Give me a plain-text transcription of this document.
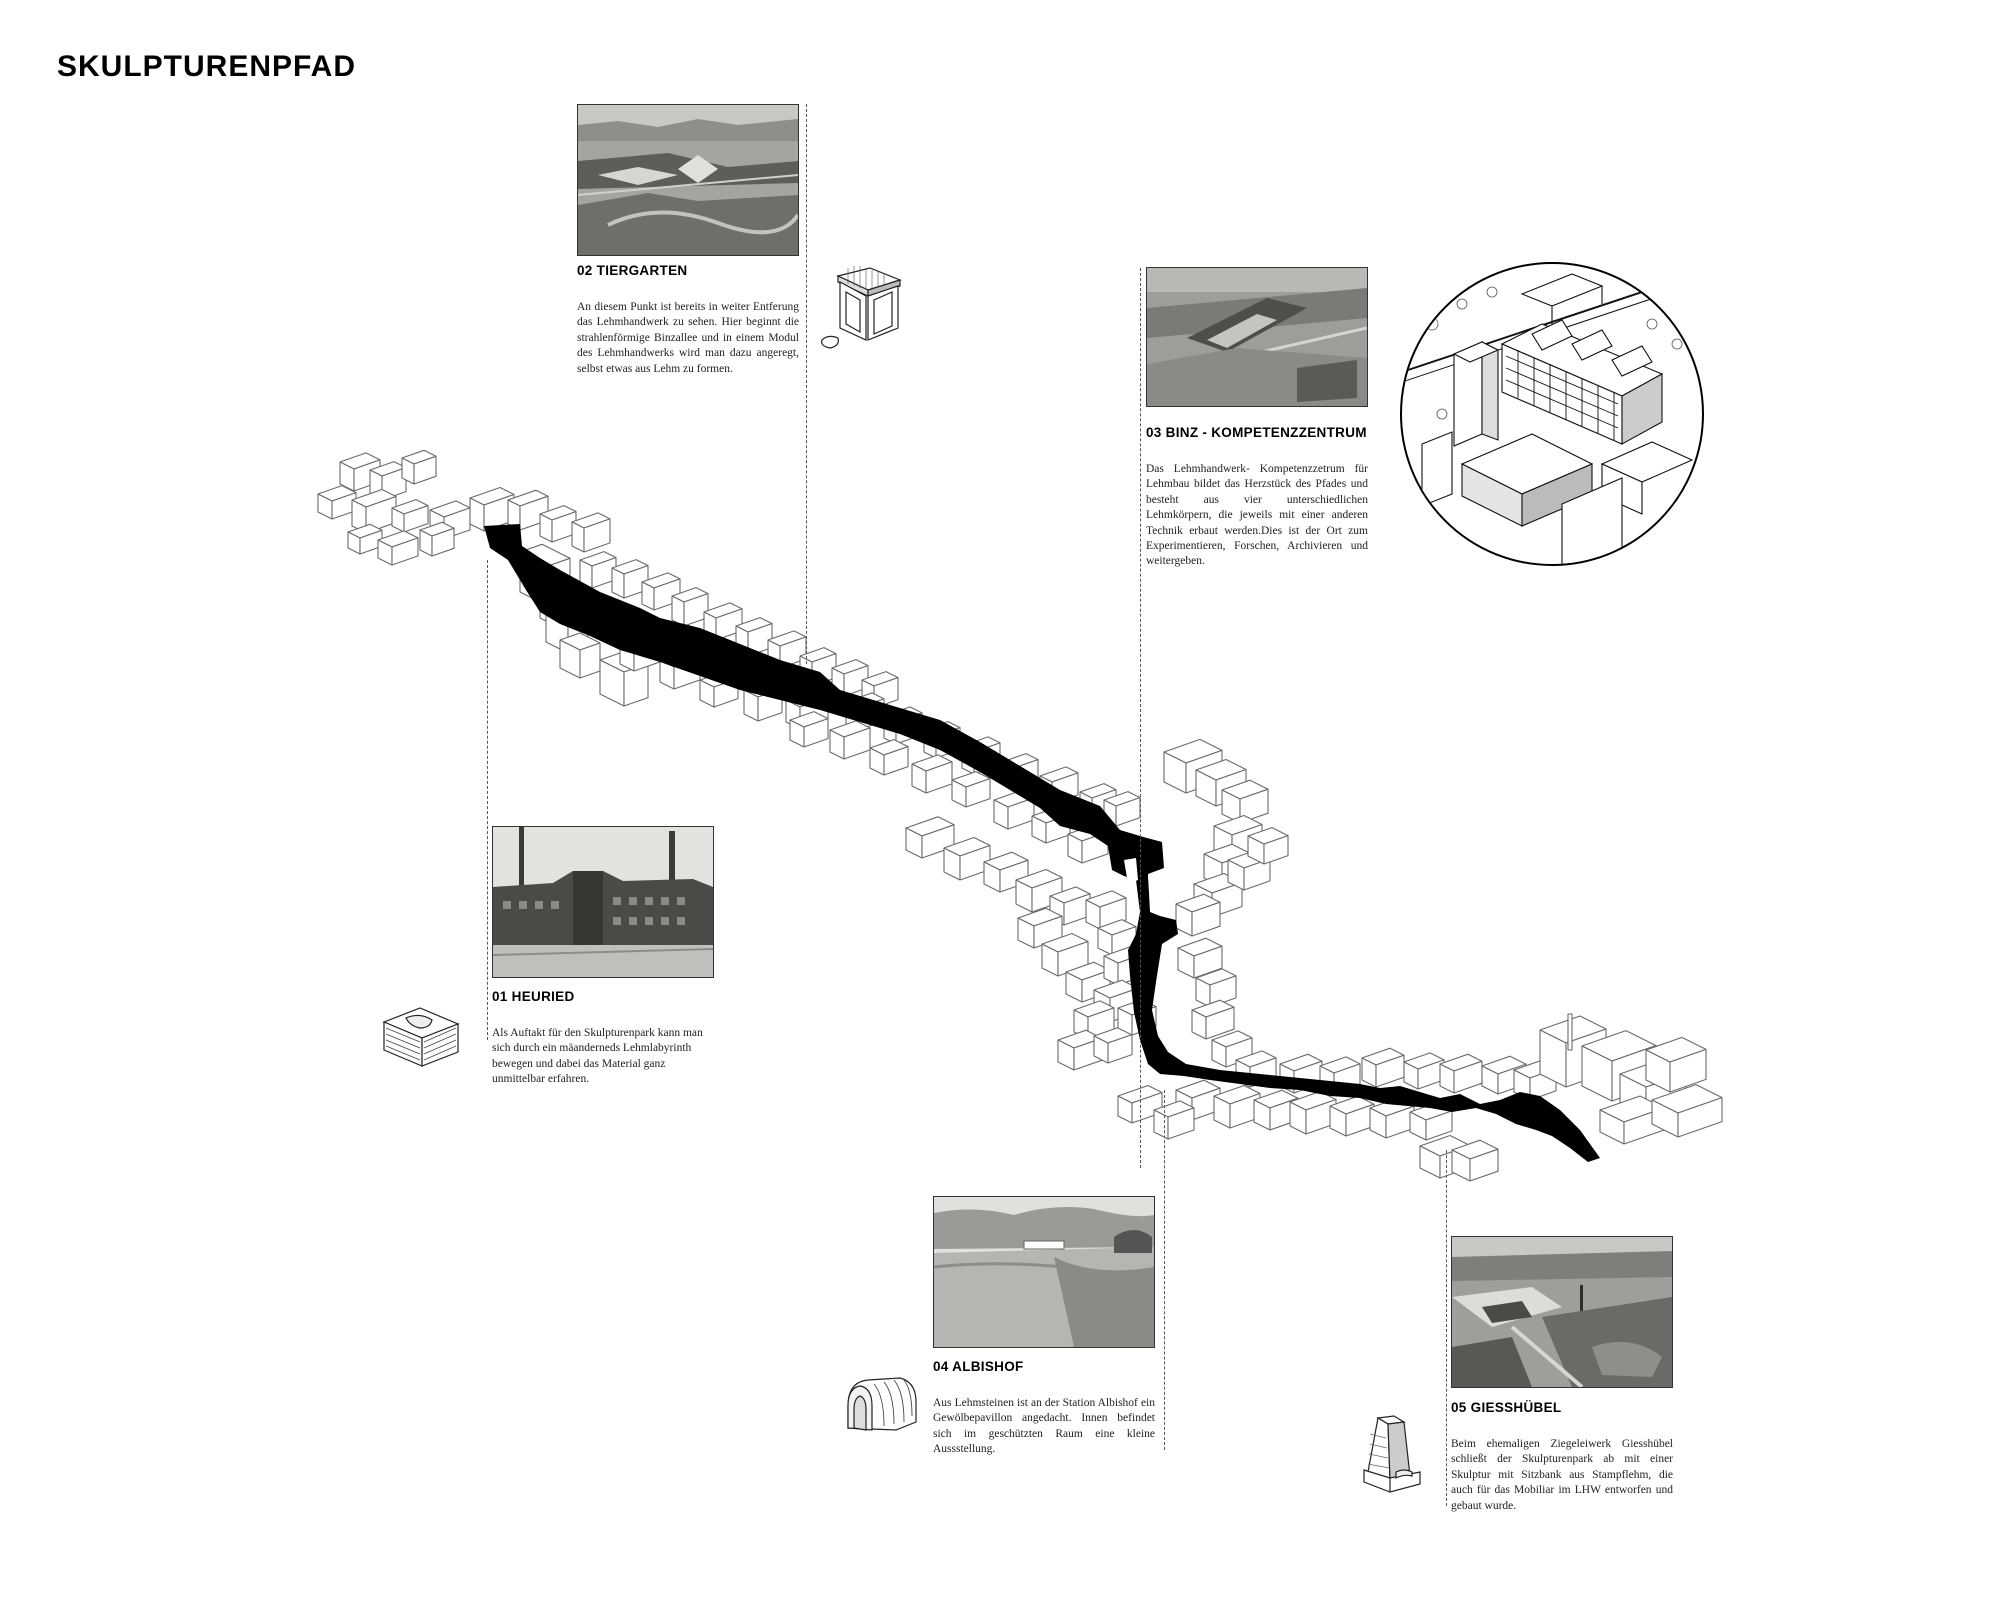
SKULPTURENPFAD
02 TIERGARTEN

An diesem Punkt ist bereits in weiter Entferung das Lehmhandwerk zu sehen. Hier beginnt die strahlenförmige Binzallee und in einem Modul des Lehmhandwerks wird man dazu angeregt, selbst etwas aus Lehm zu formen.

03 BINZ - KOMPETENZZENTRUM

Das Lehmhandwerk- Kompetenzzetrum für Lehmbau bildet das Herzstück des Pfades und besteht aus vier unterschiedlichen Lehmkörpern, die jeweils mit einer anderen Technik erbaut werden.Dies ist der Ort zum Experimentieren, Forschen, Archivieren und weitergeben.

01 HEURIED

Als Auftakt für den Skulpturenpark kann man sich durch ein mäanderneds Lehmlabyrinth bewegen und dabei das Material ganz unmittelbar erfahren.

04 ALBISHOF

Aus Lehmsteinen ist an der Station Albishof ein Gewölbepavillon angedacht. Innen befindet sich im geschützten Raum eine kleine Aussstellung.

05 GIESSHÜBEL

Beim ehemaligen Ziegeleiwerk Giesshübel schließt der Skulpturenpark ab mit einer Skulptur mit Sitzbank aus Stampflehm, die auch für das Mobiliar im LHW entworfen und gebaut wurde.
